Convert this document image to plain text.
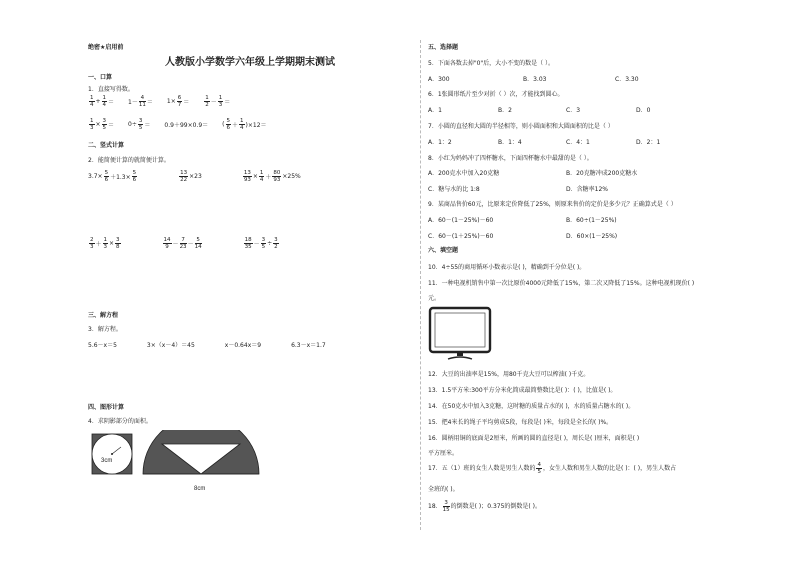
绝密★启用前
人教版小学数学六年级上学期期末测试
一、口算
1．直接写得数。
$\frac{1}{4} + \frac{1}{4} = 1- \frac{4}{11} = 1\times \frac{6}{7}$ ＝	$\frac{1}{2} - \frac{1}{3}$ ＝
$\frac{1}{3} \times \frac{3}{5} = 0\div \frac{3}{5} = 0.9+99\times 0.9=$ ( $\frac{5}{6} + \frac{1}{4} )\times 12=$
二、竖式计算
2．能简便计算的就简便计算。
$3.7\times \frac{5}{6} +1.3\times \frac{5}{6}$	$\frac{13}{22} \times 23$	$\frac{13}{93} \times \frac{1}{4} + \frac{80}{93} \times 25\%$
$\frac{2}{3} + \frac{1}{3} \times \frac{3}{8}$	$\frac{14}{9} - \frac{7}{23} - \frac{5}{14}$	$\frac{18}{35} - \frac{3}{5} \div \frac{3}{2}$
三、解方程
3．解方程。
5.6－x＝5	3×（x－4）＝45	x－0.64x＝9	6.3－x＝1.7
四、图形计算
4．求阴影部分的面积。
3cm
8cm
五、选择题
5．下面各数去掉"0"后，大小不变的数是（ ）。
A．300	B．3.03	C．3.30
6．1张圆形纸片至少对折（ ）次，才能找到圆心。
A．1	B．2	C．3	D．0
7．小圆的直径和大圆的半径相等，则小圆面积和大圆面积的比是（ ）
A．1：2	B．1：4	C．4：1	D．2：1
8．小红为妈妈冲了四杯糖水，下面四杯糖水中最甜的是（ ）。
A．200克水中加入20克糖	B．20克糖冲成200克糖水
C．糖与水的比 1:8	D．含糖率12%
9．某商品售价60元，比原来定价降低了25%，则原来售价的定价是多少元？正确算式是（ ）
A．60－(1－25%)－60	B．60÷(1－25%)
C．60－(1＋25%)－60	D．60×(1－25%)
六、填空题
10．4÷55的商用循环小数表示是( )，精确到千分位是( )。
11．一种电视机销售中第一次比原价4000元降低了15%，第二次又降低了15%。这种电视机现价( )
元。
12．大豆的出油率是15%，用80千克大豆可以榨油( )千克。
13．1.5平方米:300平方分米化简成最简整数比是( )：( )，比值是( )。
14．在50克水中加入3克糖，这时糖的质量占水的( )，水的质量占糖水的( )。
15．把4米长的绳子平均剪成5段，每段是( )米，每段是全长的( )%。
16．圆柄用铜的底面是2厘米，所画的圆的直径是( )，周长是( )厘米，面积是( )
平方厘米。
17．五（1）班的女生人数是男生人数的 $\frac{4}{5}$ ，女生人数和男生人数的比是( )：( )，男生人数占
全班的( )。
18． $\frac{3}{15}$ 的倒数是( )；0.375的倒数是( )。
